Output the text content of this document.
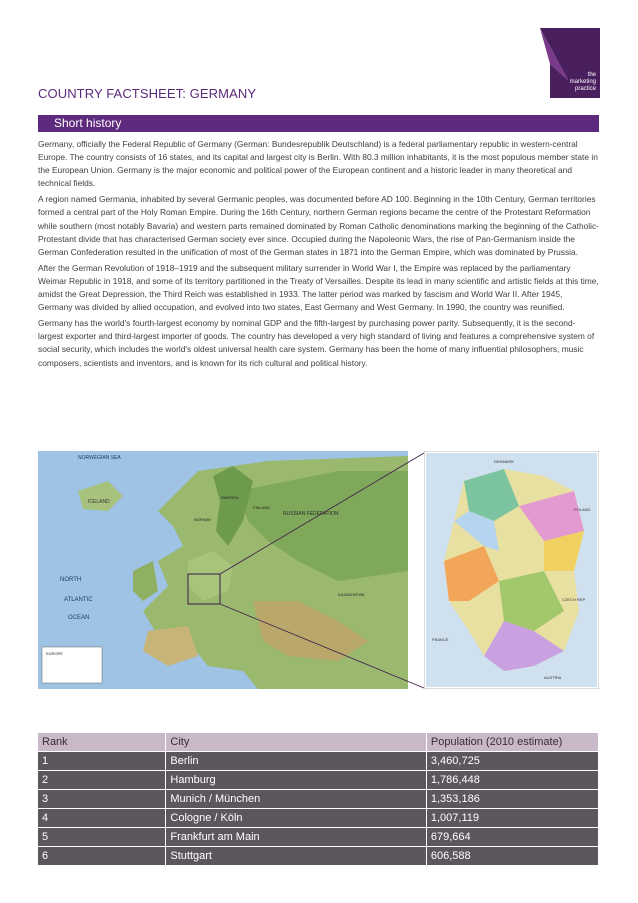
the
marketing
practice
COUNTRY FACTSHEET: GERMANY
Short history

Germany, officially the Federal Republic of Germany (German: Bundesrepublik Deutschland) is a federal parliamentary republic in western-central Europe. The country consists of 16 states, and its capital and largest city is Berlin. With 80.3 million inhabitants, it is the most populous member state in the European Union. Germany is the major economic and political power of the European continent and a historic leader in many theoretical and technical fields.

A region named Germania, inhabited by several Germanic peoples, was documented before AD 100. Beginning in the 10th Century, German territories formed a central part of the Holy Roman Empire. During the 16th Century, northern German regions became the centre of the Protestant Reformation while southern (most notably Bavaria) and western parts remained dominated by Roman Catholic denominations marking the beginning of the Catholic-Protestant divide that has characterised German society ever since. Occupied during the Napoleonic Wars, the rise of Pan-Germanism inside the German Confederation resulted in the unification of most of the German states in 1871 into the German Empire, which was dominated by Prussia.

After the German Revolution of 1918–1919 and the subsequent military surrender in World War I, the Empire was replaced by the parliamentary Weimar Republic in 1918, and some of its territory partitioned in the Treaty of Versailles. Despite its lead in many scientific and artistic fields at this time, amidst the Great Depression, the Third Reich was established in 1933. The latter period was marked by fascism and World War II. After 1945, Germany was divided by allied occupation, and evolved into two states, East Germany and West Germany. In 1990, the country was reunified.

Germany has the world's fourth-largest economy by nominal GDP and the fifth-largest by purchasing power parity. Subsequently, it is the second-largest exporter and third-largest importer of goods. The country has developed a very high standard of living and features a comprehensive system of social security, which includes the world's oldest universal health care system. Germany has been the home of many influential philosophers, music composers, scientists and inventors, and is known for its rich cultural and political history.

NORWEGIAN SEA
ICELAND
NORTH
ATLANTIC
OCEAN
RUSSIAN FEDERATION
FINLAND
SWEDEN
NORWAY
KAZAKHSTAN
EUROPE
DENMARK
POLAND
CZECH REP.
FRANCE
AUSTRIA
Rank	City	Population (2010 estimate)
1	Berlin	3,460,725
2	Hamburg	1,786,448
3	Munich / München	1,353,186
4	Cologne / Köln	1,007,119
5	Frankfurt am Main	679,664
6	Stuttgart	606,588
